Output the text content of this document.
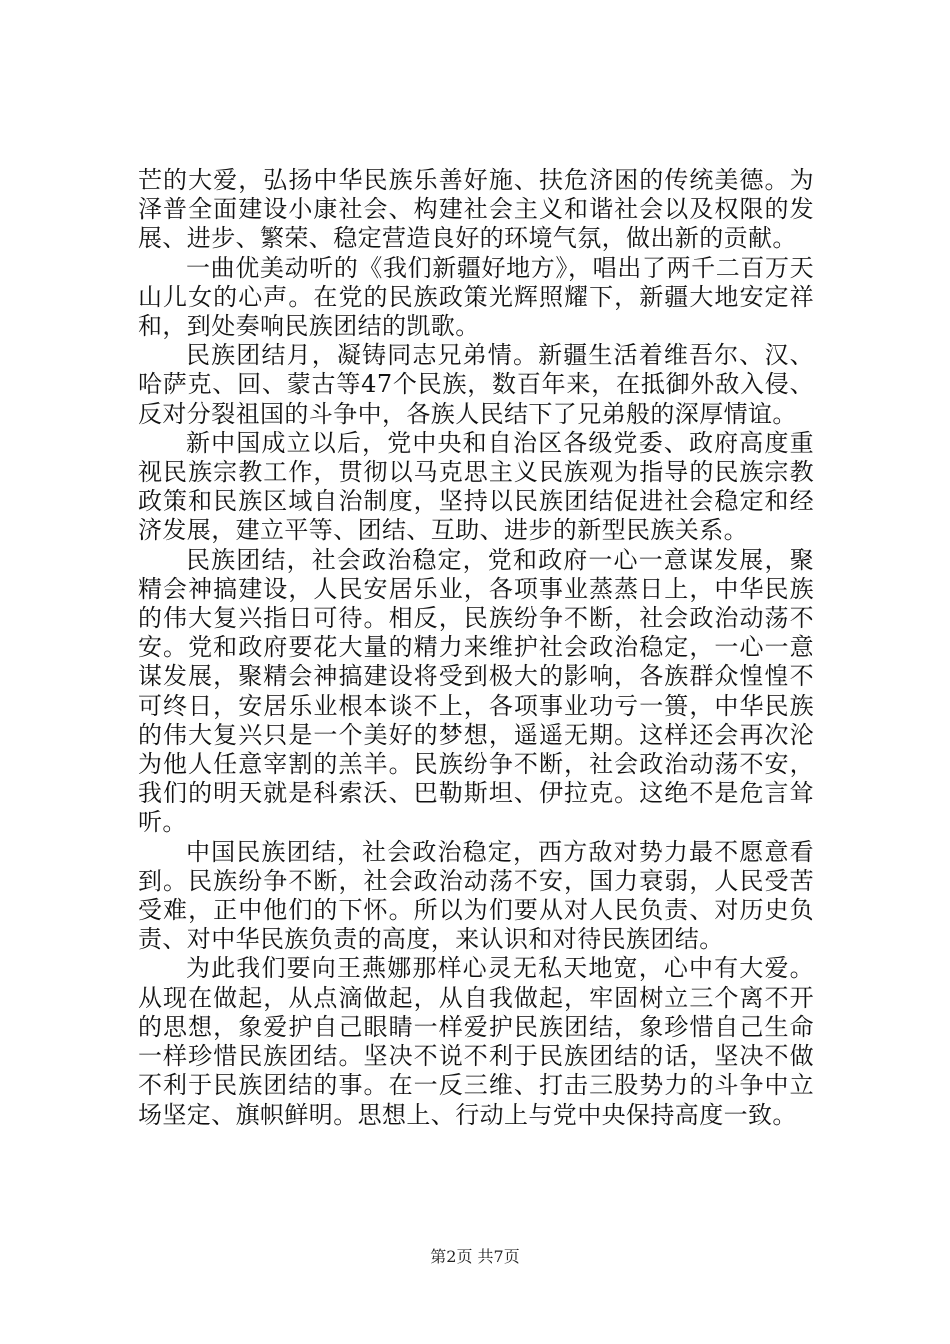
芒的大爱，弘扬中华民族乐善好施、扶危济困的传统美德。为泽普全面建设小康社会、构建社会主义和谐社会以及权限的发展、进步、繁荣、稳定营造良好的环境气氛，做出新的贡献。

一曲优美动听的《我们新疆好地方》，唱出了两千二百万天山儿女的心声。在党的民族政策光辉照耀下，新疆大地安定祥和，到处奏响民族团结的凯歌。

民族团结月，凝铸同志兄弟情。新疆生活着维吾尔、汉、哈萨克、回、蒙古等47个民族，数百年来，在抵御外敌入侵、反对分裂祖国的斗争中，各族人民结下了兄弟般的深厚情谊。

新中国成立以后，党中央和自治区各级党委、政府高度重视民族宗教工作，贯彻以马克思主义民族观为指导的民族宗教政策和民族区域自治制度，坚持以民族团结促进社会稳定和经济发展，建立平等、团结、互助、进步的新型民族关系。

民族团结，社会政治稳定，党和政府一心一意谋发展，聚精会神搞建设，人民安居乐业，各项事业蒸蒸日上，中华民族的伟大复兴指日可待。相反，民族纷争不断，社会政治动荡不安。党和政府要花大量的精力来维护社会政治稳定，一心一意谋发展，聚精会神搞建设将受到极大的影响，各族群众惶惶不可终日，安居乐业根本谈不上，各项事业功亏一篑，中华民族的伟大复兴只是一个美好的梦想，遥遥无期。这样还会再次沦为他人任意宰割的羔羊。民族纷争不断，社会政治动荡不安，我们的明天就是科索沃、巴勒斯坦、伊拉克。这绝不是危言耸听。

中国民族团结，社会政治稳定，西方敌对势力最不愿意看到。民族纷争不断，社会政治动荡不安，国力衰弱，人民受苦受难，正中他们的下怀。所以为们要从对人民负责、对历史负责、对中华民族负责的高度，来认识和对待民族团结。

为此我们要向王燕娜那样心灵无私天地宽，心中有大爱。从现在做起，从点滴做起，从自我做起，牢固树立三个离不开的思想，象爱护自己眼睛一样爱护民族团结，象珍惜自己生命一样珍惜民族团结。坚决不说不利于民族团结的话，坚决不做不利于民族团结的事。在一反三维、打击三股势力的斗争中立场坚定、旗帜鲜明。思想上、行动上与党中央保持高度一致。

第2页 共7页
